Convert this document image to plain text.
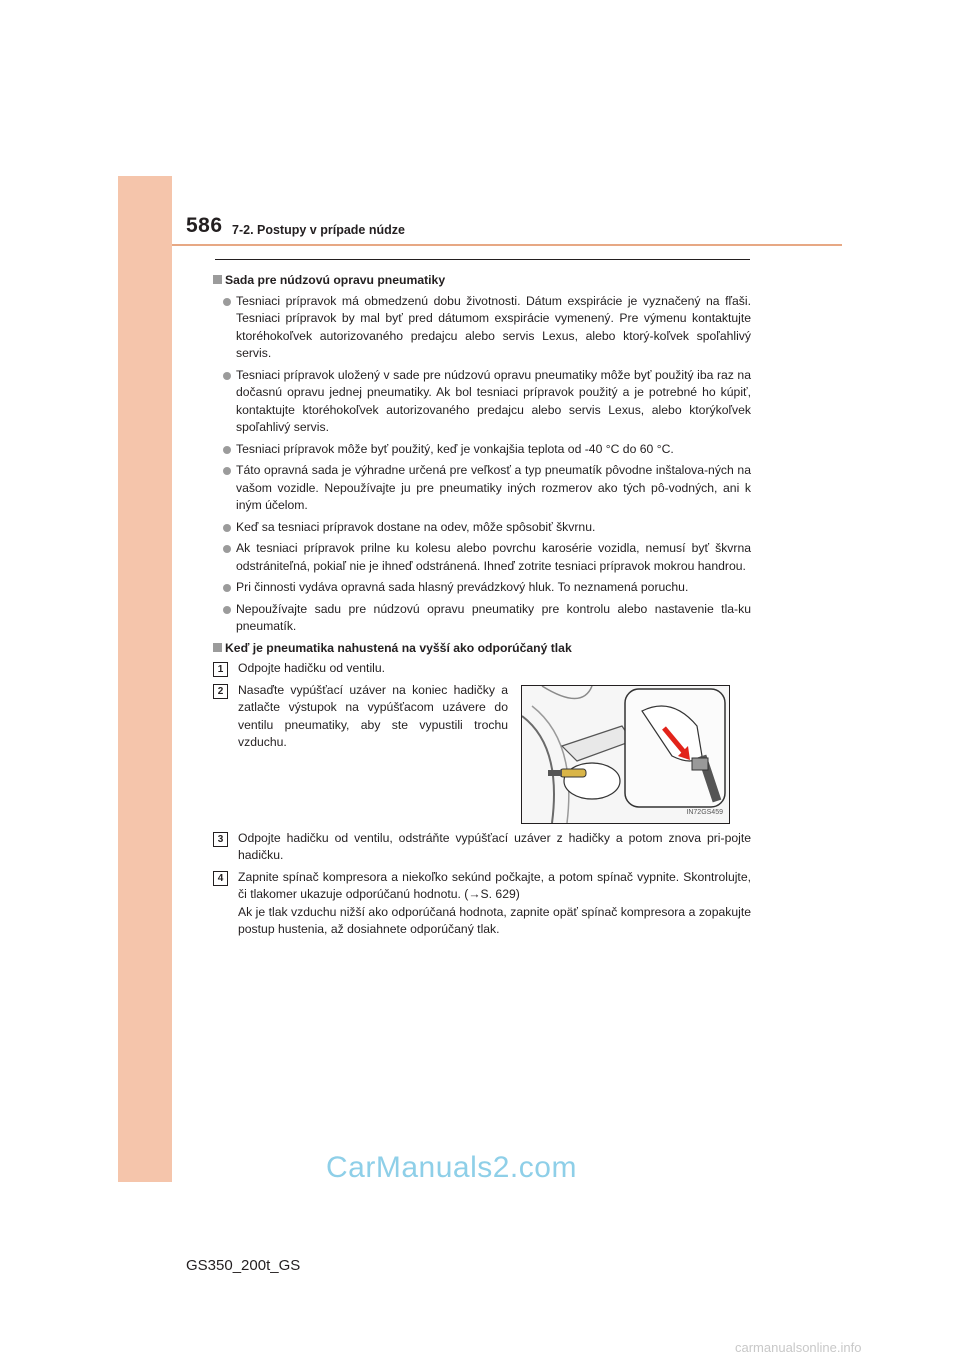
586 7-2. Postupy v prípade núdze
Sada pre núdzovú opravu pneumatiky
Tesniaci prípravok má obmedzenú dobu životnosti. Dátum exspirácie je vyznačený na fľaši. Tesniaci prípravok by mal byť pred dátumom exspirácie vymenený. Pre výmenu kontaktujte ktoréhokoľvek autorizovaného predajcu alebo servis Lexus, alebo ktorý-koľvek spoľahlivý servis.
Tesniaci prípravok uložený v sade pre núdzovú opravu pneumatiky môže byť použitý iba raz na dočasnú opravu jednej pneumatiky. Ak bol tesniaci prípravok použitý a je potrebné ho kúpiť, kontaktujte ktoréhokoľvek autorizovaného predajcu alebo servis Lexus, alebo ktorýkoľvek spoľahlivý servis.
Tesniaci prípravok môže byť použitý, keď je vonkajšia teplota od -40 °C do 60 °C.
Táto opravná sada je výhradne určená pre veľkosť a typ pneumatík pôvodne inštalova-ných na vašom vozidle. Nepoužívajte ju pre pneumatiky iných rozmerov ako tých pô-vodných, ani k iným účelom.
Keď sa tesniaci prípravok dostane na odev, môže spôsobiť škvrnu.
Ak tesniaci prípravok prilne ku kolesu alebo povrchu karosérie vozidla, nemusí byť škvrna odstrániteľná, pokiaľ nie je ihneď odstránená. Ihneď zotrite tesniaci prípravok mokrou handrou.
Pri činnosti vydáva opravná sada hlasný prevádzkový hluk. To neznamená poruchu.
Nepoužívajte sadu pre núdzovú opravu pneumatiky pre kontrolu alebo nastavenie tla-ku pneumatík.
Keď je pneumatika nahustená na vyšší ako odporúčaný tlak
1	Odpojte hadičku od ventilu.
2	Nasaďte vypúšťací uzáver na koniec hadičky a zatlačte výstupok na vypúšťacom uzávere do ventilu pneumatiky, aby ste vypustili trochu vzduchu.
IN72GS459
3	Odpojte hadičku od ventilu, odstráňte vypúšťací uzáver z hadičky a potom znova pri-pojte hadičku.
4	Zapnite spínač kompresora a niekoľko sekúnd počkajte, a potom spínač vypnite. Skontrolujte, či tlakomer ukazuje odporúčanú hodnotu. (→S. 629)
Ak je tlak vzduchu nižší ako odporúčaná hodnota, zapnite opäť spínač kompresora a zopakujte postup hustenia, až dosiahnete odporúčaný tlak.
CarManuals2.com
GS350_200t_GS
carmanualsonline.info
